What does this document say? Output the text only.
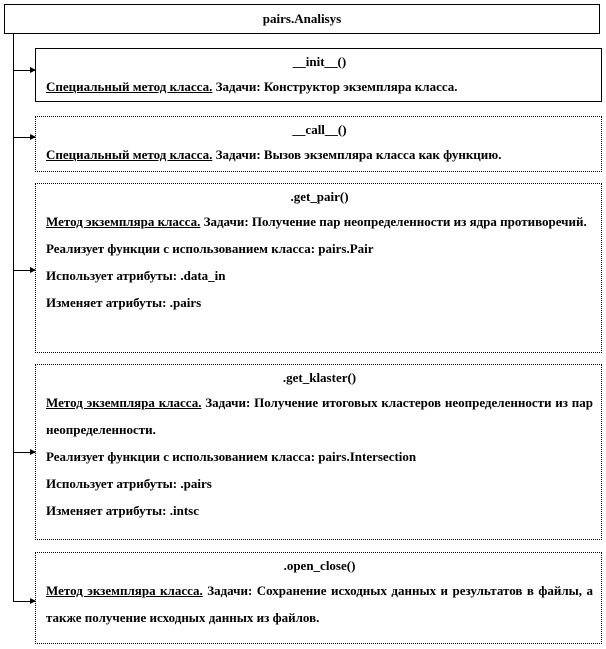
pairs.Analisys
__init__()
Специальный метод класса. Задачи: Конструктор экземпляра класса.
__call__()
Специальный метод класса. Задачи: Вызов экземпляра класса как функцию.
.get_pair()
Метод экземпляра класса. Задачи: Получение пар неопределенности из ядра противоречий.
Реализует функции с использованием класса: pairs.Pair
Использует атрибуты: .data_in
Изменяет атрибуты: .pairs
.get_klaster()
Метод экземпляра класса. Задачи: Получение итоговых кластеров неопределенности из пар неопределенности.
Реализует функции с использованием класса: pairs.Intersection
Использует атрибуты: .pairs
Изменяет атрибуты: .intsc
.open_close()
Метод экземпляра класса. Задачи: Сохранение исходных данных и результатов в файлы, а также получение исходных данных из файлов.
